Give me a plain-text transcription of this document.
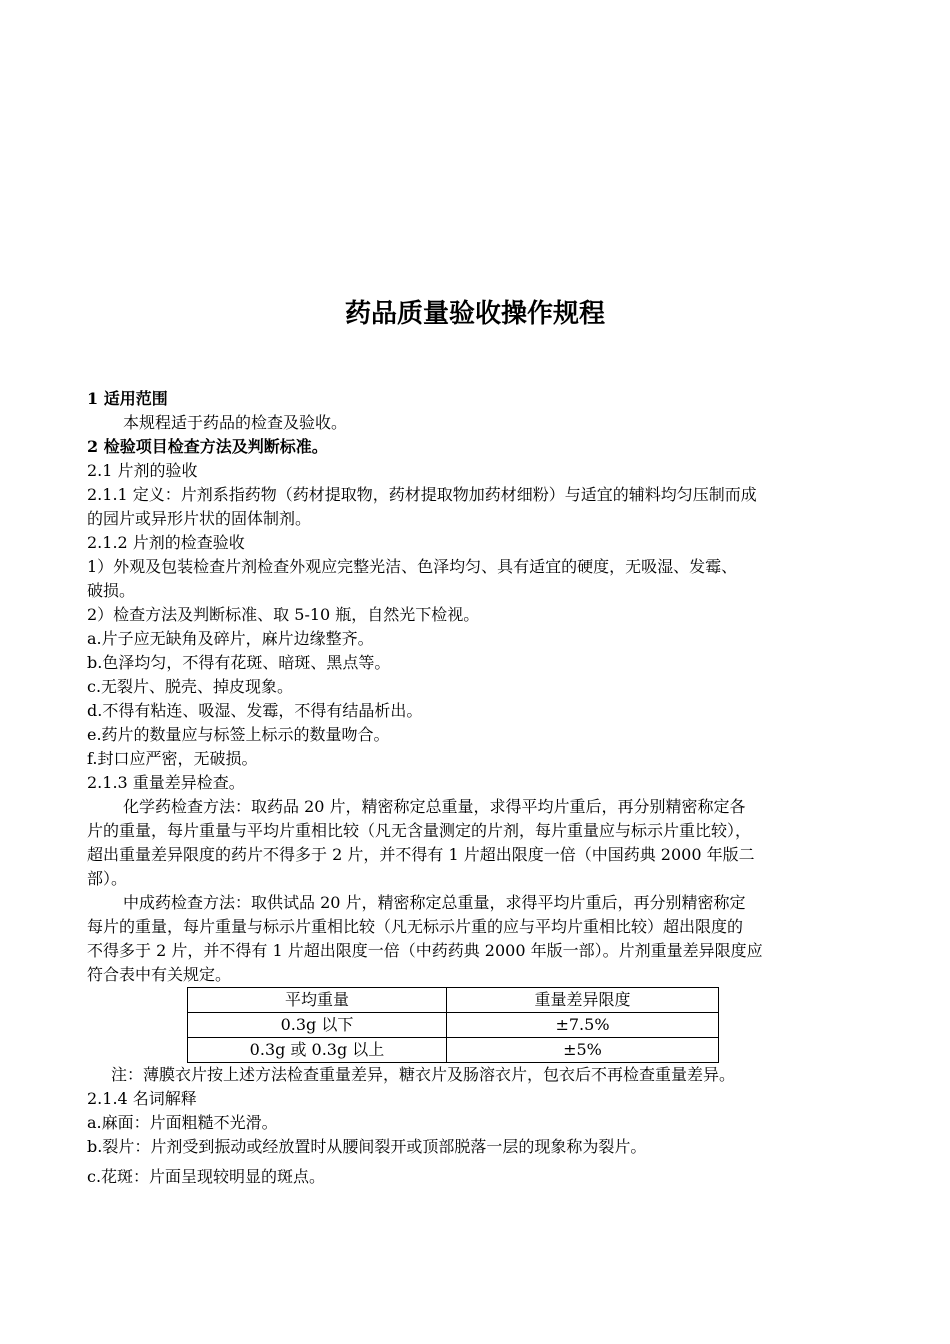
药品质量验收操作规程

1 适用范围

本规程适于药品的检查及验收。

2 检验项目检查方法及判断标准。

2.1 片剂的验收

2.1.1 定义：片剂系指药物（药材提取物，药材提取物加药材细粉）与适宜的辅料均匀压制而成

的园片或异形片状的固体制剂。

2.1.2 片剂的检查验收

1）外观及包装检查片剂检查外观应完整光洁、色泽均匀、具有适宜的硬度，无吸湿、发霉、

破损。

2）检查方法及判断标准、取 5-10 瓶，自然光下检视。

a.片子应无缺角及碎片，麻片边缘整齐。

b.色泽均匀，不得有花斑、暗斑、黑点等。

c.无裂片、脱壳、掉皮现象。

d.不得有粘连、吸湿、发霉，不得有结晶析出。

e.药片的数量应与标签上标示的数量吻合。

f.封口应严密，无破损。

2.1.3 重量差异检查。

化学药检查方法：取药品 20 片，精密称定总重量，求得平均片重后，再分别精密称定各

片的重量，每片重量与平均片重相比较（凡无含量测定的片剂，每片重量应与标示片重比较），

超出重量差异限度的药片不得多于 2 片，并不得有 1 片超出限度一倍（中国药典 2000 年版二

部）。

中成药检查方法：取供试品 20 片，精密称定总重量，求得平均片重后，再分别精密称定

每片的重量，每片重量与标示片重相比较（凡无标示片重的应与平均片重相比较）超出限度的

不得多于 2 片，并不得有 1 片超出限度一倍（中药药典 2000 年版一部）。片剂重量差异限度应

符合表中有关规定。

平均重量	重量差异限度
0.3g 以下	±7.5%
0.3g 或 0.3g 以上	±5%

注：薄膜衣片按上述方法检查重量差异，糖衣片及肠溶衣片，包衣后不再检查重量差异。

2.1.4 名词解释

a.麻面：片面粗糙不光滑。

b.裂片：片剂受到振动或经放置时从腰间裂开或顶部脱落一层的现象称为裂片。

c.花斑：片面呈现较明显的斑点。
